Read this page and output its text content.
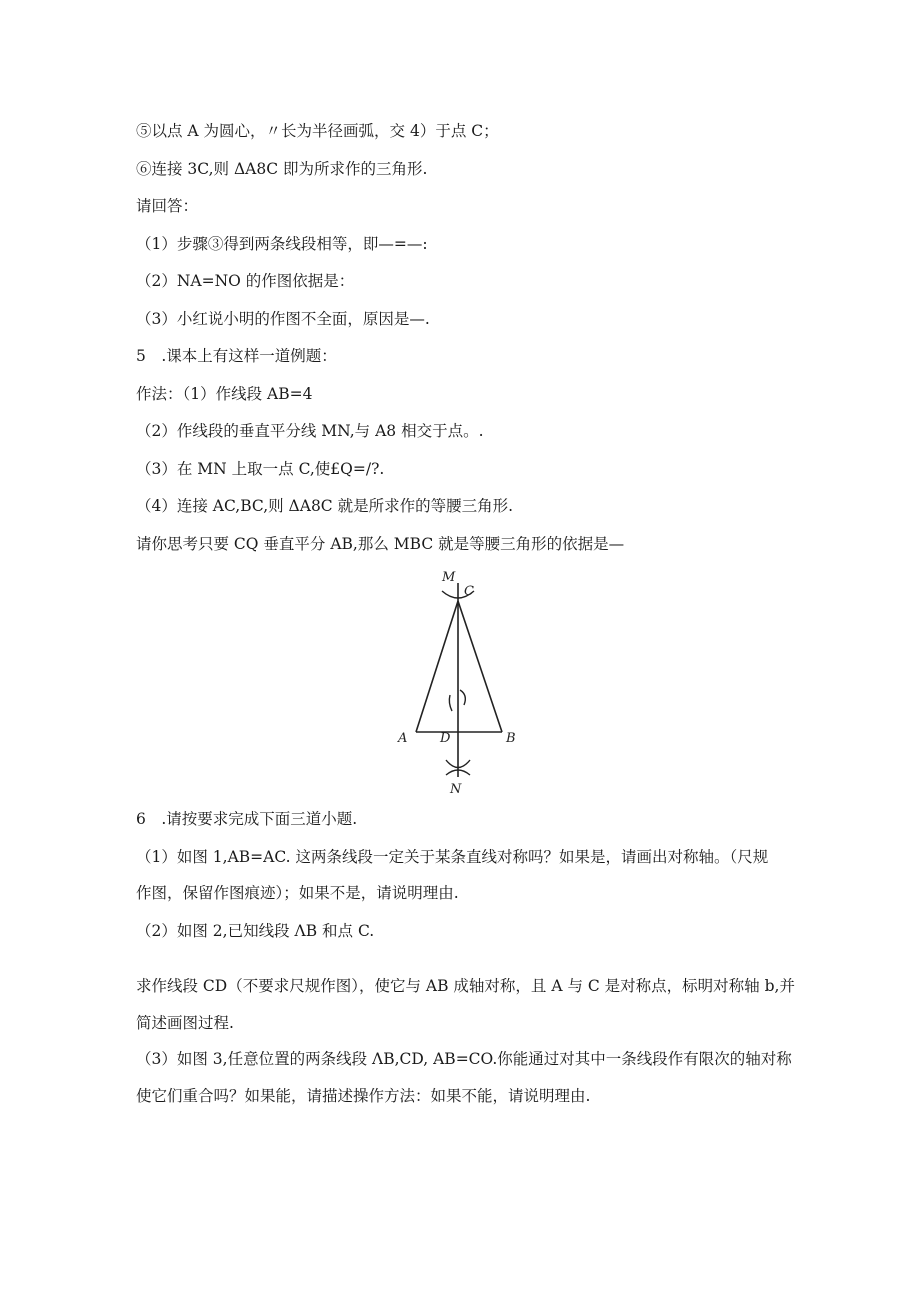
⑤以点 A 为圆心，〃长为半径画弧，交 4）于点 C；
⑥连接 3C,则 ΔA8C 即为所求作的三角形.
请回答：
（1）步骤③得到两条线段相等，即—=—:
（2）NA=NO 的作图依据是：
（3）小红说小明的作图不全面，原因是—.
5　.课本上有这样一道例题：
作法：（1）作线段 AB=4
（2）作线段的垂直平分线 MN,与 A8 相交于点。.
（3）在 MN 上取一点 C,使£Q=/?.
（4）连接 AC,BC,则 ΔA8C 就是所求作的等腰三角形.
请你思考只要 CQ 垂直平分 AB,那么 MBC 就是等腰三角形的依据是—
M
C
A	D	B
N
6　.请按要求完成下面三道小题.
（1）如图 1,AB=AC. 这两条线段一定关于某条直线对称吗？如果是，请画出对称轴。（尺规
作图，保留作图痕迹）；如果不是，请说明理由.
（2）如图 2,已知线段 ΛB 和点 C.
求作线段 CD（不要求尺规作图），使它与 AB 成轴对称，且 A 与 C 是对称点，标明对称轴 b,并
简述画图过程.
（3）如图 3,任意位置的两条线段 ΛB,CD, AB=CO.你能通过对其中一条线段作有限次的轴对称
使它们重合吗？如果能，请描述操作方法：如果不能，请说明理由.
